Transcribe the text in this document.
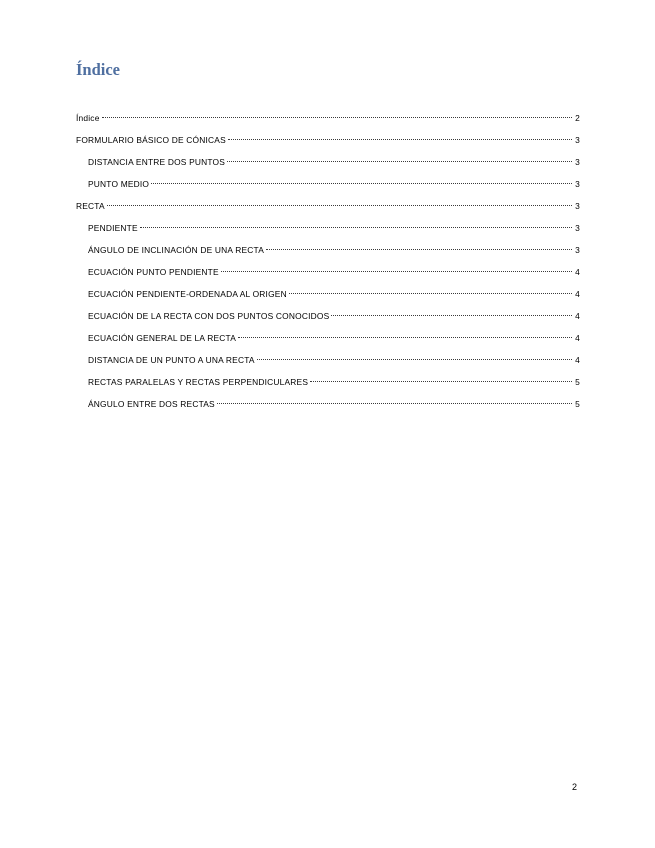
Índice
Índice	2
FORMULARIO BÁSICO DE CÓNICAS	3
DISTANCIA ENTRE DOS PUNTOS	3
PUNTO MEDIO	3
RECTA	3
PENDIENTE	3
ÁNGULO DE INCLINACIÓN DE UNA RECTA	3
ECUACIÓN PUNTO PENDIENTE	4
ECUACIÓN PENDIENTE-ORDENADA AL ORIGEN	4
ECUACIÓN DE LA RECTA CON DOS PUNTOS CONOCIDOS	4
ECUACIÓN GENERAL DE LA RECTA	4
DISTANCIA DE UN PUNTO A UNA RECTA	4
RECTAS PARALELAS Y RECTAS PERPENDICULARES	5
ÁNGULO ENTRE DOS RECTAS	5
2
